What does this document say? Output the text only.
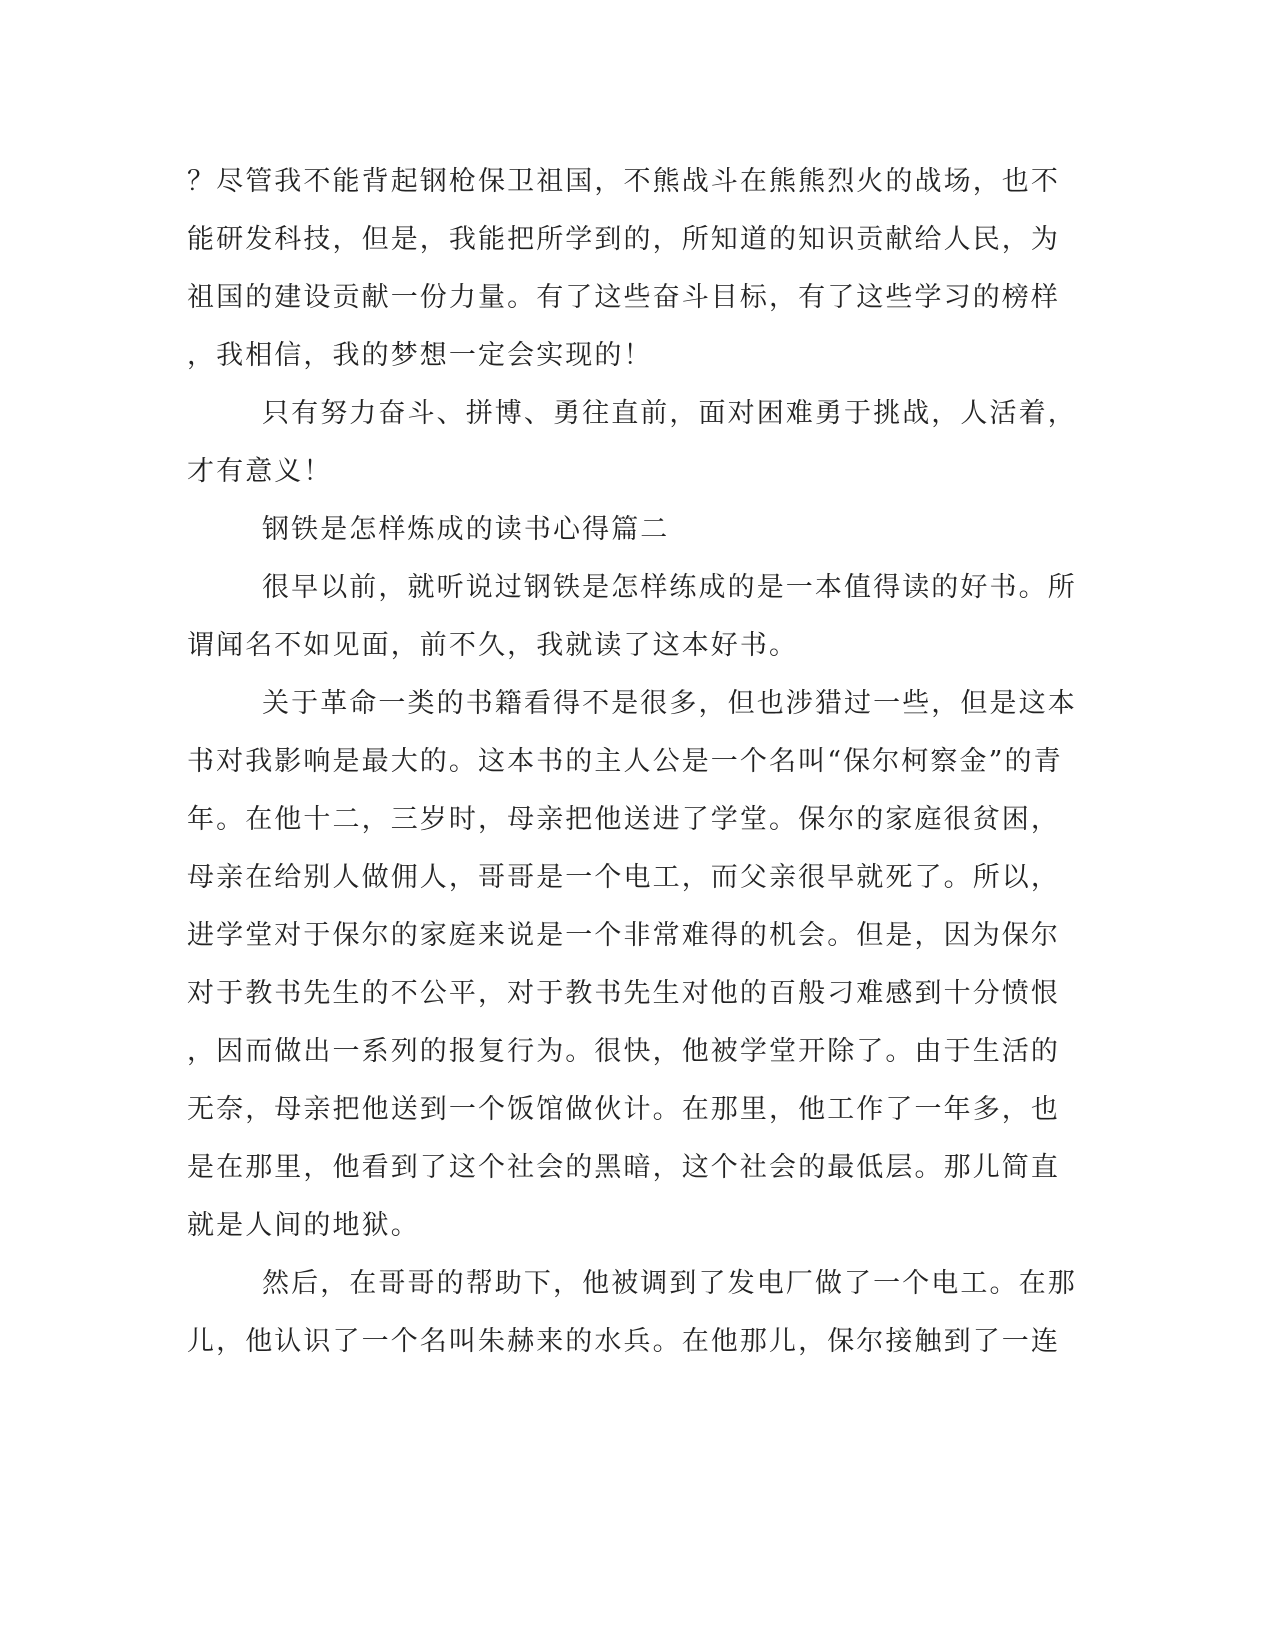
？尽管我不能背起钢枪保卫祖国，不熊战斗在熊熊烈火的战场，也不
能研发科技，但是，我能把所学到的，所知道的知识贡献给人民，为
祖国的建设贡献一份力量。有了这些奋斗目标，有了这些学习的榜样
，我相信，我的梦想一定会实现的！
只有努力奋斗、拼博、勇往直前，面对困难勇于挑战，人活着，
才有意义！
钢铁是怎样炼成的读书心得篇二
很早以前，就听说过钢铁是怎样练成的是一本值得读的好书。所
谓闻名不如见面，前不久，我就读了这本好书。
关于革命一类的书籍看得不是很多，但也涉猎过一些，但是这本
书对我影响是最大的。这本书的主人公是一个名叫“保尔柯察金”的青
年。在他十二，三岁时，母亲把他送进了学堂。保尔的家庭很贫困，
母亲在给别人做佣人，哥哥是一个电工，而父亲很早就死了。所以，
进学堂对于保尔的家庭来说是一个非常难得的机会。但是，因为保尔
对于教书先生的不公平，对于教书先生对他的百般刁难感到十分愤恨
，因而做出一系列的报复行为。很快，他被学堂开除了。由于生活的
无奈，母亲把他送到一个饭馆做伙计。在那里，他工作了一年多，也
是在那里，他看到了这个社会的黑暗，这个社会的最低层。那儿简直
就是人间的地狱。
然后，在哥哥的帮助下，他被调到了发电厂做了一个电工。在那
儿，他认识了一个名叫朱赫来的水兵。在他那儿，保尔接触到了一连
